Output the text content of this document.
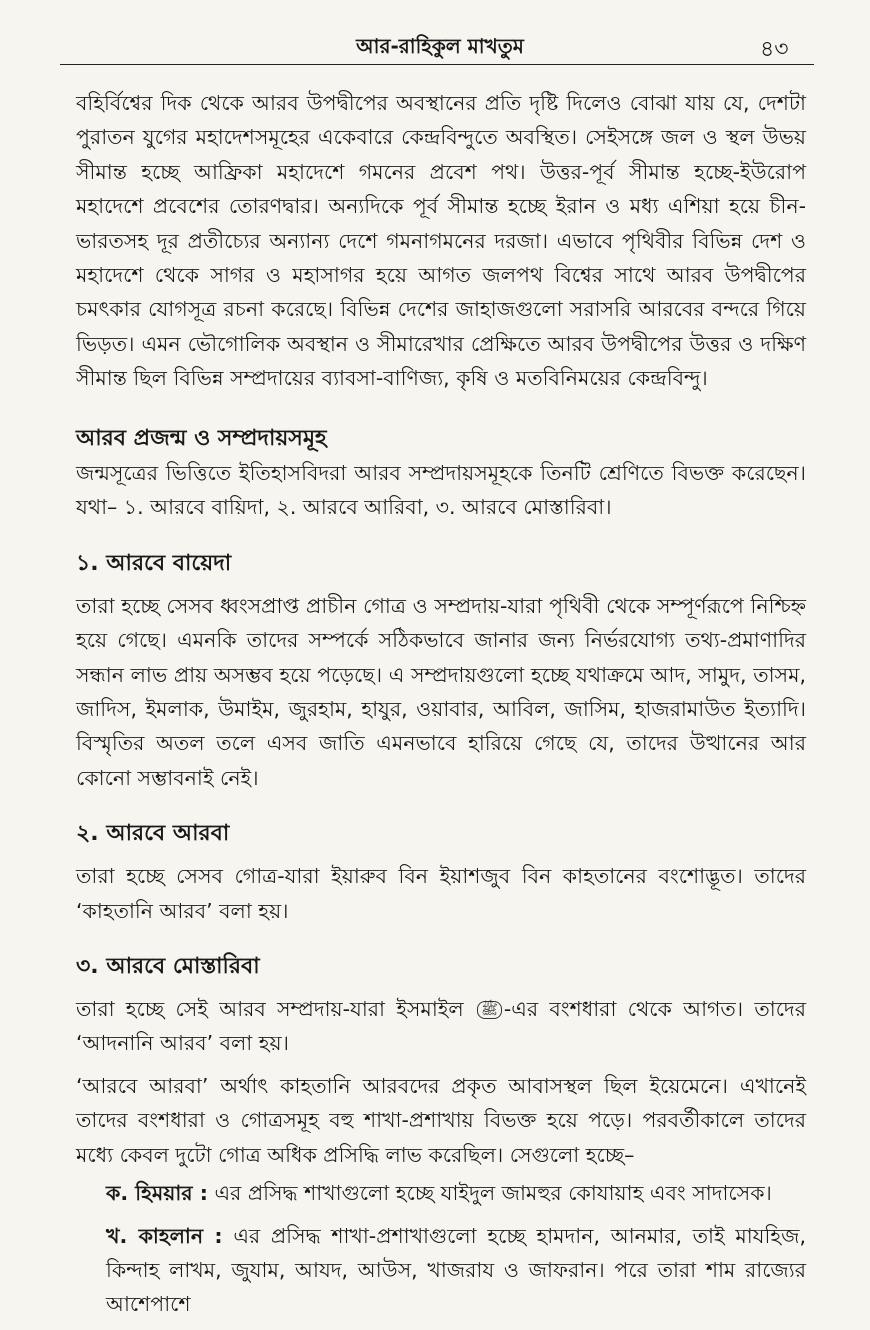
আর-রাহিকুল মাখতুম	৪৩

বহির্বিশ্বের দিক থেকে আরব উপদ্বীপের অবস্থানের প্রতি দৃষ্টি দিলেও বোঝা যায় যে, দেশটা পুরাতন যুগের মহাদেশসমূহের একেবারে কেন্দ্রবিন্দুতে অবস্থিত। সেইসঙ্গে জল ও স্থল উভয় সীমান্ত হচ্ছে আফ্রিকা মহাদেশে গমনের প্রবেশ পথ। উত্তর-পূর্ব সীমান্ত হচ্ছে-ইউরোপ মহাদেশে প্রবেশের তোরণদ্বার। অন্যদিকে পূর্ব সীমান্ত হচ্ছে ইরান ও মধ্য এশিয়া হয়ে চীন-ভারতসহ দূর প্রতীচ্যের অন্যান্য দেশে গমনাগমনের দরজা। এভাবে পৃথিবীর বিভিন্ন দেশ ও মহাদেশে থেকে সাগর ও মহাসাগর হয়ে আগত জলপথ বিশ্বের সাথে আরব উপদ্বীপের চমৎকার যোগসূত্র রচনা করেছে। বিভিন্ন দেশের জাহাজগুলো সরাসরি আরবের বন্দরে গিয়ে ভিড়ত। এমন ভৌগোলিক অবস্থান ও সীমারেখার প্রেক্ষিতে আরব উপদ্বীপের উত্তর ও দক্ষিণ সীমান্ত ছিল বিভিন্ন সম্প্রদায়ের ব্যাবসা-বাণিজ্য, কৃষি ও মতবিনিময়ের কেন্দ্রবিন্দু।

আরব প্রজন্ম ও সম্প্রদায়সমূহ

জন্মসূত্রের ভিত্তিতে ইতিহাসবিদরা আরব সম্প্রদায়সমূহকে তিনটি শ্রেণিতে বিভক্ত করেছেন। যথা– ১. আরবে বায়িদা, ২. আরবে আরিবা, ৩. আরবে মোস্তারিবা।

১. আরবে বায়েদা

তারা হচ্ছে সেসব ধ্বংসপ্রাপ্ত প্রাচীন গোত্র ও সম্প্রদায়-যারা পৃথিবী থেকে সম্পূর্ণরূপে নিশ্চিহ্ন হয়ে গেছে। এমনকি তাদের সম্পর্কে সঠিকভাবে জানার জন্য নির্ভরযোগ্য তথ্য-প্রমাণাদির সন্ধান লাভ প্রায় অসম্ভব হয়ে পড়েছে। এ সম্প্রদায়গুলো হচ্ছে যথাক্রমে আদ, সামুদ, তাসম, জাদিস, ইমলাক, উমাইম, জুরহাম, হাযুর, ওয়াবার, আবিল, জাসিম, হাজরামাউত ইত্যাদি। বিস্মৃতির অতল তলে এসব জাতি এমনভাবে হারিয়ে গেছে যে, তাদের উত্থানের আর কোনো সম্ভাবনাই নেই।

২. আরবে আরবা

তারা হচ্ছে সেসব গোত্র-যারা ইয়ারুব বিন ইয়াশজুব বিন কাহতানের বংশোদ্ভূত। তাদের ‘কাহতানি আরব’ বলা হয়।

৩. আরবে মোস্তারিবা

তারা হচ্ছে সেই আরব সম্প্রদায়-যারা ইসমাইল ﷺ -এর বংশধারা থেকে আগত। তাদের ‘আদনানি আরব’ বলা হয়।

‘আরবে আরবা’ অর্থাৎ কাহতানি আরবদের প্রকৃত আবাসস্থল ছিল ইয়েমেনে। এখানেই তাদের বংশধারা ও গোত্রসমূহ বহু শাখা-প্রশাখায় বিভক্ত হয়ে পড়ে। পরবর্তীকালে তাদের মধ্যে কেবল দুটো গোত্র অধিক প্রসিদ্ধি লাভ করেছিল। সেগুলো হচ্ছে–

ক. হিময়ার : এর প্রসিদ্ধ শাখাগুলো হচ্ছে যাইদুল জামহুর কোযায়াহ এবং সাদাসেক।
খ. কাহলান : এর প্রসিদ্ধ শাখা-প্রশাখাগুলো হচ্ছে হামদান, আনমার, তাই মাযহিজ, কিন্দাহ লাখম, জুযাম, আযদ, আউস, খাজরায ও জাফরান। পরে তারা শাম রাজ্যের আশেপাশে
